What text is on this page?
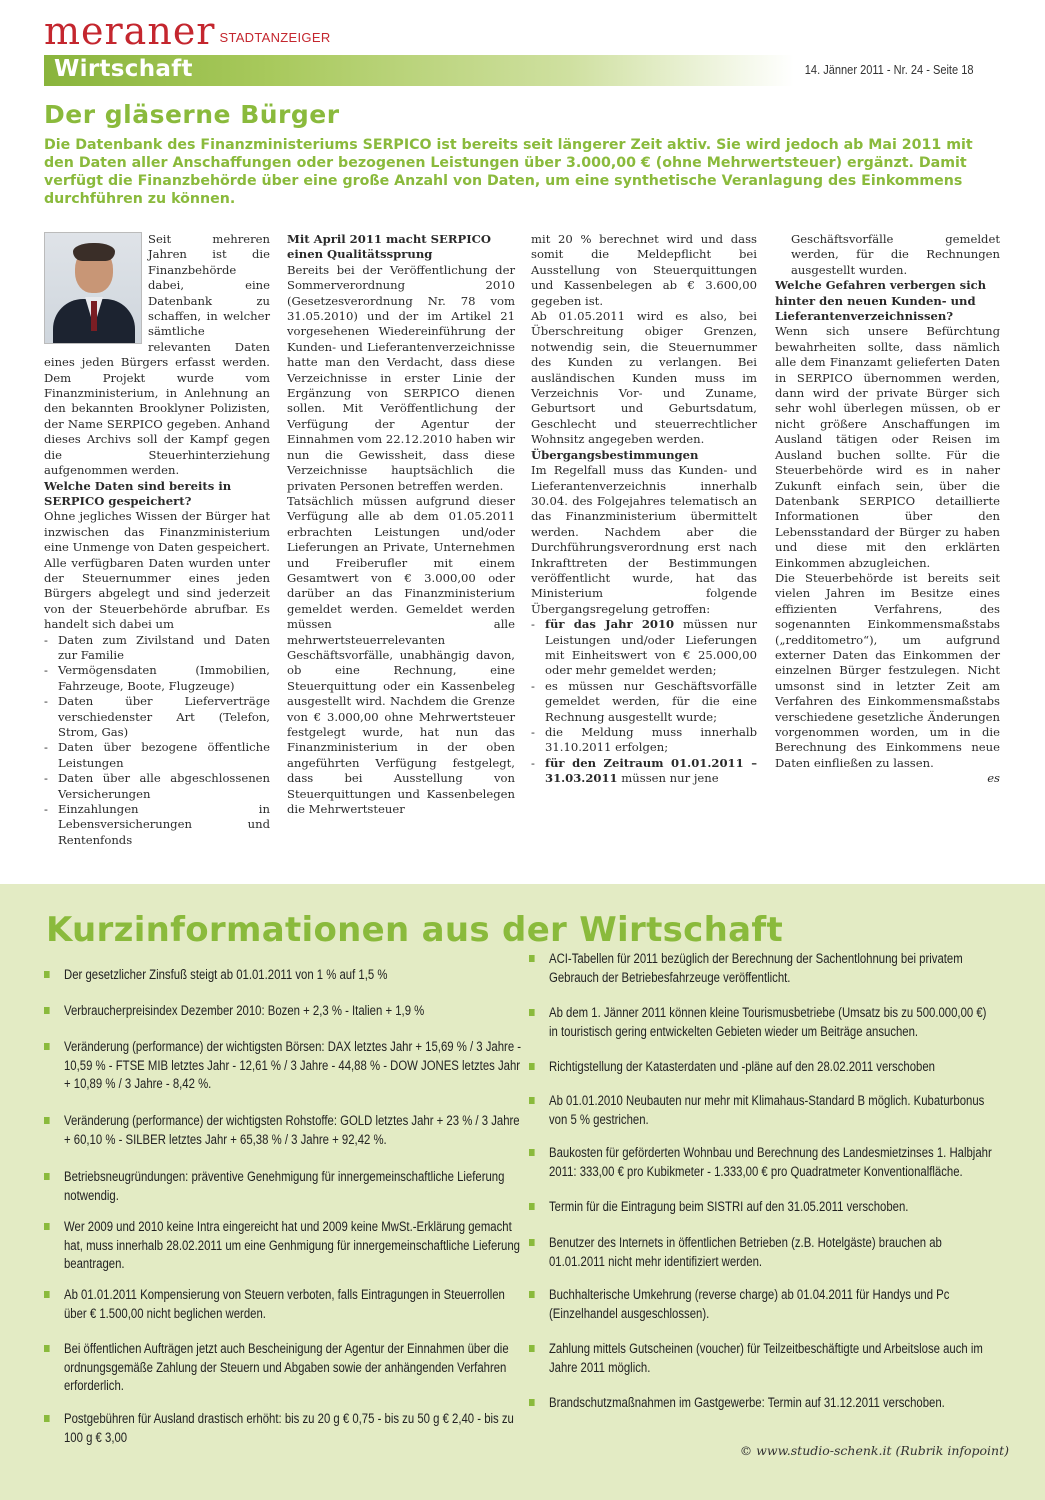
meraner STADTANZEIGER
Wirtschaft	14. Jänner 2011 - Nr. 24 - Seite 18
Der gläserne Bürger

Die Datenbank des Finanzministeriums SERPICO ist bereits seit längerer Zeit aktiv. Sie wird jedoch ab Mai 2011 mit den Daten aller Anschaffungen oder bezogenen Leistungen über 3.000,00 € (ohne Mehrwertsteuer) ergänzt. Damit verfügt die Finanzbehörde über eine große Anzahl von Daten, um eine synthetische Veranlagung des Einkommens durchführen zu können.

Seit mehreren Jahren ist die Finanzbehörde dabei, eine Datenbank zu schaffen, in welcher sämtliche relevanten Daten eines jeden Bürgers erfasst werden. Dem Projekt wurde vom Finanzministerium, in Anlehnung an den bekannten Brooklyner Polizisten, der Name SERPICO gegeben. Anhand dieses Archivs soll der Kampf gegen die Steuerhinterziehung aufgenommen werden.

Welche Daten sind bereits in SERPICO gespeichert?

Ohne jegliches Wissen der Bürger hat inzwischen das Finanzministerium eine Unmenge von Daten gespeichert. Alle verfügbaren Daten wurden unter der Steuernummer eines jeden Bürgers abgelegt und sind jederzeit von der Steuerbehörde abrufbar. Es handelt sich dabei um

- Daten zum Zivilstand und Daten zur Familie
- Vermögensdaten (Immobilien, Fahrzeuge, Boote, Flugzeuge)
- Daten über Lieferverträge verschiedenster Art (Telefon, Strom, Gas)
- Daten über bezogene öffentliche Leistungen
- Daten über alle abgeschlossenen Versicherungen
- Einzahlungen in Lebensversicherungen und Rentenfonds

Mit April 2011 macht SERPICO einen Qualitätssprung

Bereits bei der Veröffentlichung der Sommerverordnung 2010 (Gesetzesverordnung Nr. 78 vom 31.05.2010) und der im Artikel 21 vorgesehenen Wiedereinführung der Kunden- und Lieferantenverzeichnisse hatte man den Verdacht, dass diese Verzeichnisse in erster Linie der Ergänzung von SERPICO dienen sollen. Mit Veröffentlichung der Verfügung der Agentur der Einnahmen vom 22.12.2010 haben wir nun die Gewissheit, dass diese Verzeichnisse hauptsächlich die privaten Personen betreffen werden.

Tatsächlich müssen aufgrund dieser Verfügung alle ab dem 01.05.2011 erbrachten Leistungen und/oder Lieferungen an Private, Unternehmen und Freiberufler mit einem Gesamtwert von € 3.000,00 oder darüber an das Finanzministerium gemeldet werden. Gemeldet werden müssen alle mehrwertsteuerrelevanten Geschäftsvorfälle, unabhängig davon, ob eine Rechnung, eine Steuerquittung oder ein Kassenbeleg ausgestellt wird. Nachdem die Grenze von € 3.000,00 ohne Mehrwertsteuer festgelegt wurde, hat nun das Finanzministerium in der oben angeführten Verfügung festgelegt, dass bei Ausstellung von Steuerquittungen und Kassenbelegen die Mehrwertsteuer

mit 20 % berechnet wird und dass somit die Meldepflicht bei Ausstellung von Steuerquittungen und Kassenbelegen ab € 3.600,00 gegeben ist.

Ab 01.05.2011 wird es also, bei Überschreitung obiger Grenzen, notwendig sein, die Steuernummer des Kunden zu verlangen. Bei ausländischen Kunden muss im Verzeichnis Vor- und Zuname, Geburtsort und Geburtsdatum, Geschlecht und steuerrechtlicher Wohnsitz angegeben werden.

Übergangsbestimmungen

Im Regelfall muss das Kunden- und Lieferantenverzeichnis innerhalb 30.04. des Folgejahres telematisch an das Finanzministerium übermittelt werden. Nachdem aber die Durchführungsverordnung erst nach Inkrafttreten der Bestimmungen veröffentlicht wurde, hat das Ministerium folgende Übergangsregelung getroffen:

- für das Jahr 2010 müssen nur Leistungen und/oder Lieferungen mit Einheitswert von € 25.000,00 oder mehr gemeldet werden;
- es müssen nur Geschäftsvorfälle gemeldet werden, für die eine Rechnung ausgestellt wurde;
- die Meldung muss innerhalb 31.10.2011 erfolgen;
- für den Zeitraum 01.01.2011 – 31.03.2011 müssen nur jene

Geschäftsvorfälle gemeldet werden, für die Rechnungen ausgestellt wurden.

Welche Gefahren verbergen sich hinter den neuen Kunden- und Lieferantenverzeichnissen?

Wenn sich unsere Befürchtung bewahrheiten sollte, dass nämlich alle dem Finanzamt gelieferten Daten in SERPICO übernommen werden, dann wird der private Bürger sich sehr wohl überlegen müssen, ob er nicht größere Anschaffungen im Ausland tätigen oder Reisen im Ausland buchen sollte. Für die Steuerbehörde wird es in naher Zukunft einfach sein, über die Datenbank SERPICO detaillierte Informationen über den Lebensstandard der Bürger zu haben und diese mit den erklärten Einkommen abzugleichen.

Die Steuerbehörde ist bereits seit vielen Jahren im Besitze eines effizienten Verfahrens, des sogenannten Einkommensmaßstabs („redditometro“), um aufgrund externer Daten das Einkommen der einzelnen Bürger festzulegen. Nicht umsonst sind in letzter Zeit am Verfahren des Einkommensmaßstabs verschiedene gesetzliche Änderungen vorgenommen worden, um in die Berechnung des Einkommens neue Daten einfließen zu lassen.

es

Kurzinformationen aus der Wirtschaft
Der gesetzlicher Zinsfuß steigt ab 01.01.2011 von 1 % auf 1,5 %
Verbraucherpreisindex Dezember 2010: Bozen + 2,3 % - Italien + 1,9 %
Veränderung (performance) der wichtigsten Börsen: DAX letztes Jahr + 15,69 % / 3 Jahre - 10,59 % - FTSE MIB letztes Jahr - 12,61 % / 3 Jahre - 44,88 % - DOW JONES letztes Jahr + 10,89 % / 3 Jahre - 8,42 %.
Veränderung (performance) der wichtigsten Rohstoffe: GOLD letztes Jahr + 23 % / 3 Jahre + 60,10 % - SILBER letztes Jahr + 65,38 % / 3 Jahre + 92,42 %.
Betriebsneugründungen: präventive Genehmigung für innergemeinschaftliche Lieferung notwendig.
Wer 2009 und 2010 keine Intra eingereicht hat und 2009 keine MwSt.-Erklärung gemacht hat, muss innerhalb 28.02.2011 um eine Genhmigung für innergemeinschaftliche Lieferung beantragen.
Ab 01.01.2011 Kompensierung von Steuern verboten, falls Eintragungen in Steuerrollen über € 1.500,00 nicht beglichen werden.
Bei öffentlichen Aufträgen jetzt auch Bescheinigung der Agentur der Einnahmen über die ordnungsgemäße Zahlung der Steuern und Abgaben sowie der anhängenden Verfahren erforderlich.
Postgebühren für Ausland drastisch erhöht: bis zu 20 g € 0,75 - bis zu 50 g € 2,40 - bis zu 100 g € 3,00
ACI-Tabellen für 2011 bezüglich der Berechnung der Sachentlohnung bei privatem Gebrauch der Betriebesfahrzeuge veröffentlicht.
Ab dem 1. Jänner 2011 können kleine Tourismusbetriebe (Umsatz bis zu 500.000,00 €) in touristisch gering entwickelten Gebieten wieder um Beiträge ansuchen.
Richtigstellung der Katasterdaten und -pläne auf den 28.02.2011 verschoben
Ab 01.01.2010 Neubauten nur mehr mit Klimahaus-Standard B möglich. Kubaturbonus von 5 % gestrichen.
Baukosten für geförderten Wohnbau und Berechnung des Landesmietzinses 1. Halbjahr 2011: 333,00 € pro Kubikmeter - 1.333,00 € pro Quadratmeter Konventionalfläche.
Termin für die Eintragung beim SISTRI auf den 31.05.2011 verschoben.
Benutzer des Internets in öffentlichen Betrieben (z.B. Hotelgäste) brauchen ab 01.01.2011 nicht mehr identifiziert werden.
Buchhalterische Umkehrung (reverse charge) ab 01.04.2011 für Handys und Pc (Einzelhandel ausgeschlossen).
Zahlung mittels Gutscheinen (voucher) für Teilzeitbeschäftigte und Arbeitslose auch im Jahre 2011 möglich.
Brandschutzmaßnahmen im Gastgewerbe: Termin auf 31.12.2011 verschoben.
© www.studio-schenk.it (Rubrik infopoint)
